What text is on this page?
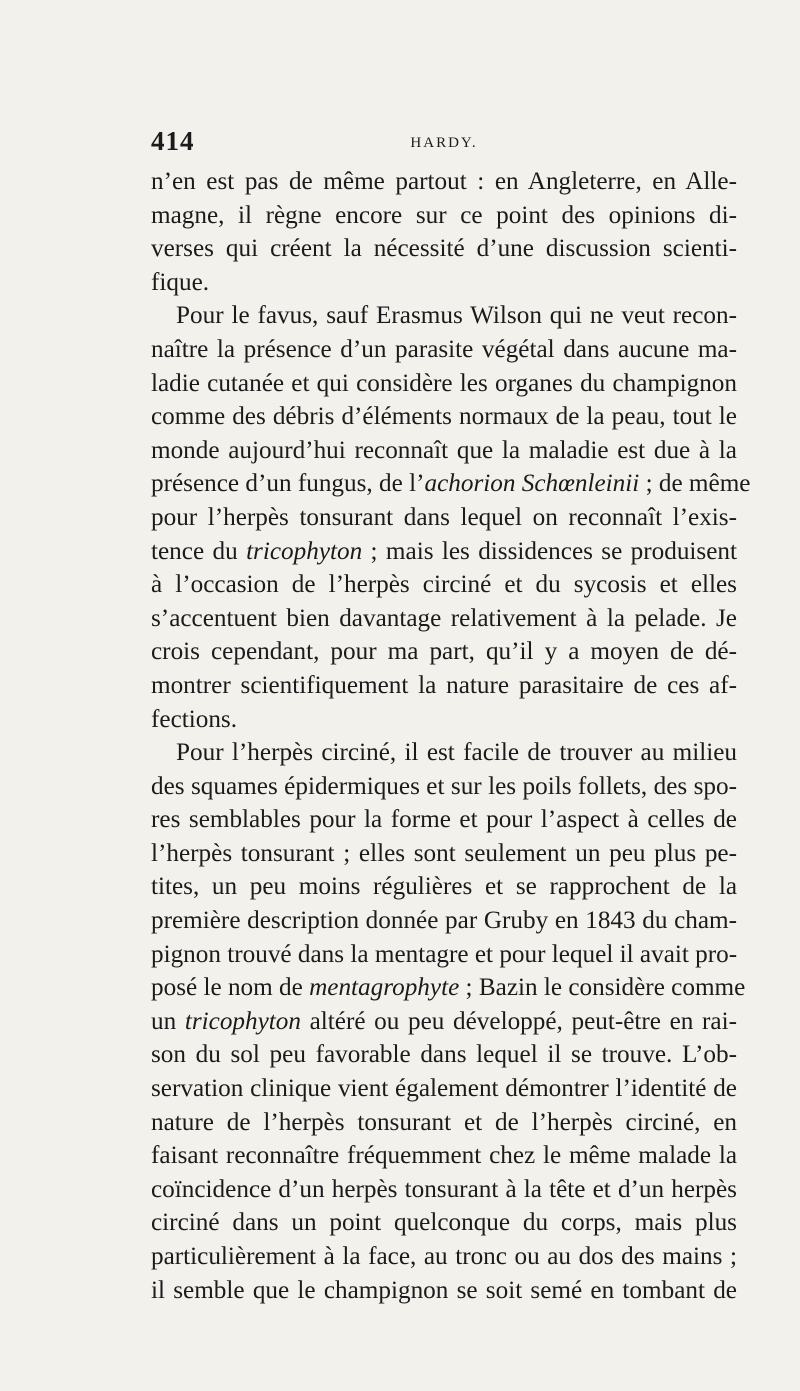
414	HARDY.
n’en est pas de même partout : en Angleterre, en Alle-
magne, il règne encore sur ce point des opinions di-
verses qui créent la nécessité d’une discussion scienti-
fique.
Pour le favus, sauf Erasmus Wilson qui ne veut recon-
naître la présence d’un parasite végétal dans aucune ma-
ladie cutanée et qui considère les organes du champignon
comme des débris d’éléments normaux de la peau, tout le
monde aujourd’hui reconnaît que la maladie est due à la
présence d’un fungus, de l’achorion Schœnleinii ; de même
pour l’herpès tonsurant dans lequel on reconnaît l’exis-
tence du tricophyton ; mais les dissidences se produisent
à l’occasion de l’herpès circiné et du sycosis et elles
s’accentuent bien davantage relativement à la pelade. Je
crois cependant, pour ma part, qu’il y a moyen de dé-
montrer scientifiquement la nature parasitaire de ces af-
fections.
Pour l’herpès circiné, il est facile de trouver au milieu
des squames épidermiques et sur les poils follets, des spo-
res semblables pour la forme et pour l’aspect à celles de
l’herpès tonsurant ; elles sont seulement un peu plus pe-
tites, un peu moins régulières et se rapprochent de la
première description donnée par Gruby en 1843 du cham-
pignon trouvé dans la mentagre et pour lequel il avait pro-
posé le nom de mentagrophyte ; Bazin le considère comme
un tricophyton altéré ou peu développé, peut-être en rai-
son du sol peu favorable dans lequel il se trouve. L’ob-
servation clinique vient également démontrer l’identité de
nature de l’herpès tonsurant et de l’herpès circiné, en
faisant reconnaître fréquemment chez le même malade la
coïncidence d’un herpès tonsurant à la tête et d’un herpès
circiné dans un point quelconque du corps, mais plus
particulièrement à la face, au tronc ou au dos des mains ;
il semble que le champignon se soit semé en tombant de
